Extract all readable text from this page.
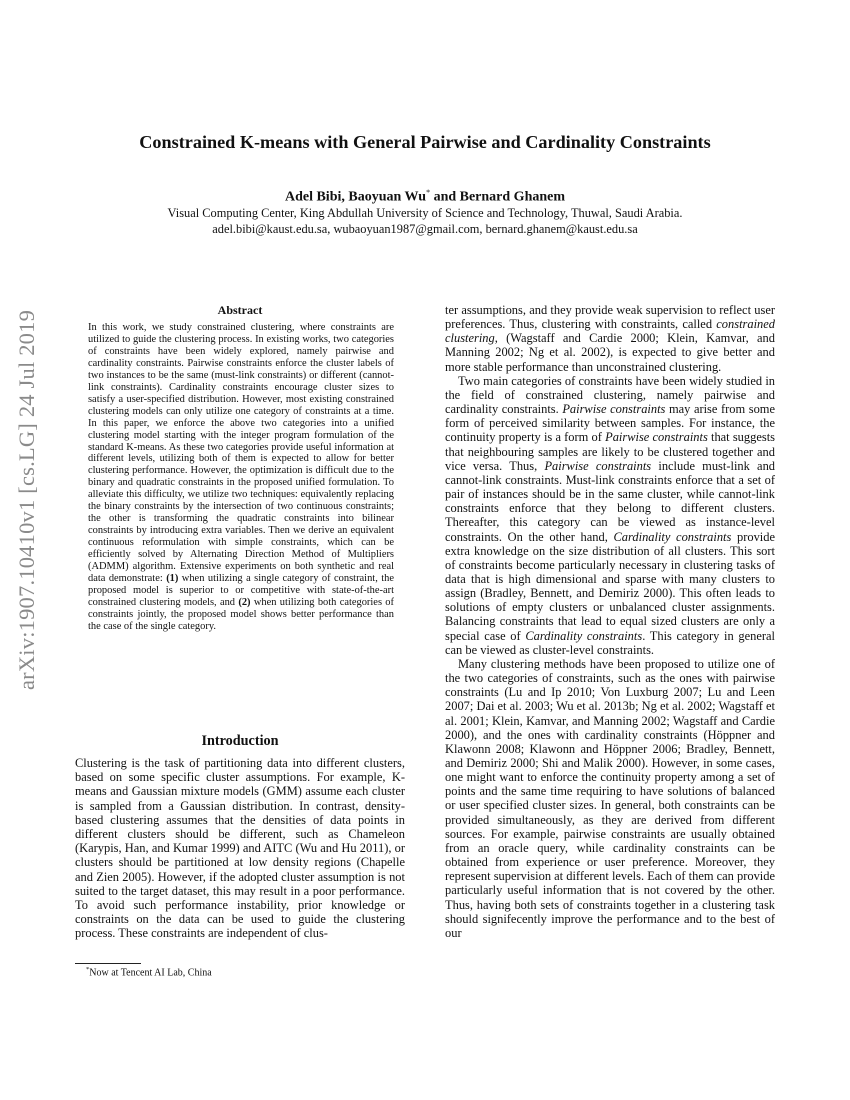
arXiv:1907.10410v1 [cs.LG] 24 Jul 2019
Constrained K-means with General Pairwise and Cardinality Constraints
Adel Bibi, Baoyuan Wu* and Bernard Ghanem
Visual Computing Center, King Abdullah University of Science and Technology, Thuwal, Saudi Arabia.
adel.bibi@kaust.edu.sa, wubaoyuan1987@gmail.com, bernard.ghanem@kaust.edu.sa
Abstract
In this work, we study constrained clustering, where constraints are utilized to guide the clustering process. In existing works, two categories of constraints have been widely explored, namely pairwise and cardinality constraints. Pairwise constraints enforce the cluster labels of two instances to be the same (must-link constraints) or different (cannot-link constraints). Cardinality constraints encourage cluster sizes to satisfy a user-specified distribution. However, most existing constrained clustering models can only utilize one category of constraints at a time. In this paper, we enforce the above two categories into a unified clustering model starting with the integer program formulation of the standard K-means. As these two categories provide useful information at different levels, utilizing both of them is expected to allow for better clustering performance. However, the optimization is difficult due to the binary and quadratic constraints in the proposed unified formulation. To alleviate this difficulty, we utilize two techniques: equivalently replacing the binary constraints by the intersection of two continuous constraints; the other is transforming the quadratic constraints into bilinear constraints by introducing extra variables. Then we derive an equivalent continuous reformulation with simple constraints, which can be efficiently solved by Alternating Direction Method of Multipliers (ADMM) algorithm. Extensive experiments on both synthetic and real data demonstrate: (1) when utilizing a single category of constraint, the proposed model is superior to or competitive with state-of-the-art constrained clustering models, and (2) when utilizing both categories of constraints jointly, the proposed model shows better performance than the case of the single category.
Introduction
Clustering is the task of partitioning data into different clusters, based on some specific cluster assumptions. For example, K-means and Gaussian mixture models (GMM) assume each cluster is sampled from a Gaussian distribution. In contrast, density-based clustering assumes that the densities of data points in different clusters should be different, such as Chameleon (Karypis, Han, and Kumar 1999) and AITC (Wu and Hu 2011), or clusters should be partitioned at low density regions (Chapelle and Zien 2005). However, if the adopted cluster assumption is not suited to the target dataset, this may result in a poor performance. To avoid such performance instability, prior knowledge or constraints on the data can be used to guide the clustering process. These constraints are independent of clus-

ter assumptions, and they provide weak supervision to reflect user preferences. Thus, clustering with constraints, called constrained clustering, (Wagstaff and Cardie 2000; Klein, Kamvar, and Manning 2002; Ng et al. 2002), is expected to give better and more stable performance than unconstrained clustering.

Two main categories of constraints have been widely studied in the field of constrained clustering, namely pairwise and cardinality constraints. Pairwise constraints may arise from some form of perceived similarity between samples. For instance, the continuity property is a form of Pairwise constraints that suggests that neighbouring samples are likely to be clustered together and vice versa. Thus, Pairwise constraints include must-link and cannot-link constraints. Must-link constraints enforce that a set of pair of instances should be in the same cluster, while cannot-link constraints enforce that they belong to different clusters. Thereafter, this category can be viewed as instance-level constraints. On the other hand, Cardinality constraints provide extra knowledge on the size distribution of all clusters. This sort of constraints become particularly necessary in clustering tasks of data that is high dimensional and sparse with many clusters to assign (Bradley, Bennett, and Demiriz 2000). This often leads to solutions of empty clusters or unbalanced cluster assignments. Balancing constraints that lead to equal sized clusters are only a special case of Cardinality constraints. This category in general can be viewed as cluster-level constraints.

Many clustering methods have been proposed to utilize one of the two categories of constraints, such as the ones with pairwise constraints (Lu and Ip 2010; Von Luxburg 2007; Lu and Leen 2007; Dai et al. 2003; Wu et al. 2013b; Ng et al. 2002; Wagstaff et al. 2001; Klein, Kamvar, and Manning 2002; Wagstaff and Cardie 2000), and the ones with cardinality constraints (Höppner and Klawonn 2008; Klawonn and Höppner 2006; Bradley, Bennett, and Demiriz 2000; Shi and Malik 2000). However, in some cases, one might want to enforce the continuity property among a set of points and the same time requiring to have solutions of balanced or user specified cluster sizes. In general, both constraints can be provided simultaneously, as they are derived from different sources. For example, pairwise constraints are usually obtained from an oracle query, while cardinality constraints can be obtained from experience or user preference. Moreover, they represent supervision at different levels. Each of them can provide particularly useful information that is not covered by the other. Thus, having both sets of constraints together in a clustering task should signifecently improve the performance and to the best of our

*Now at Tencent AI Lab, China
